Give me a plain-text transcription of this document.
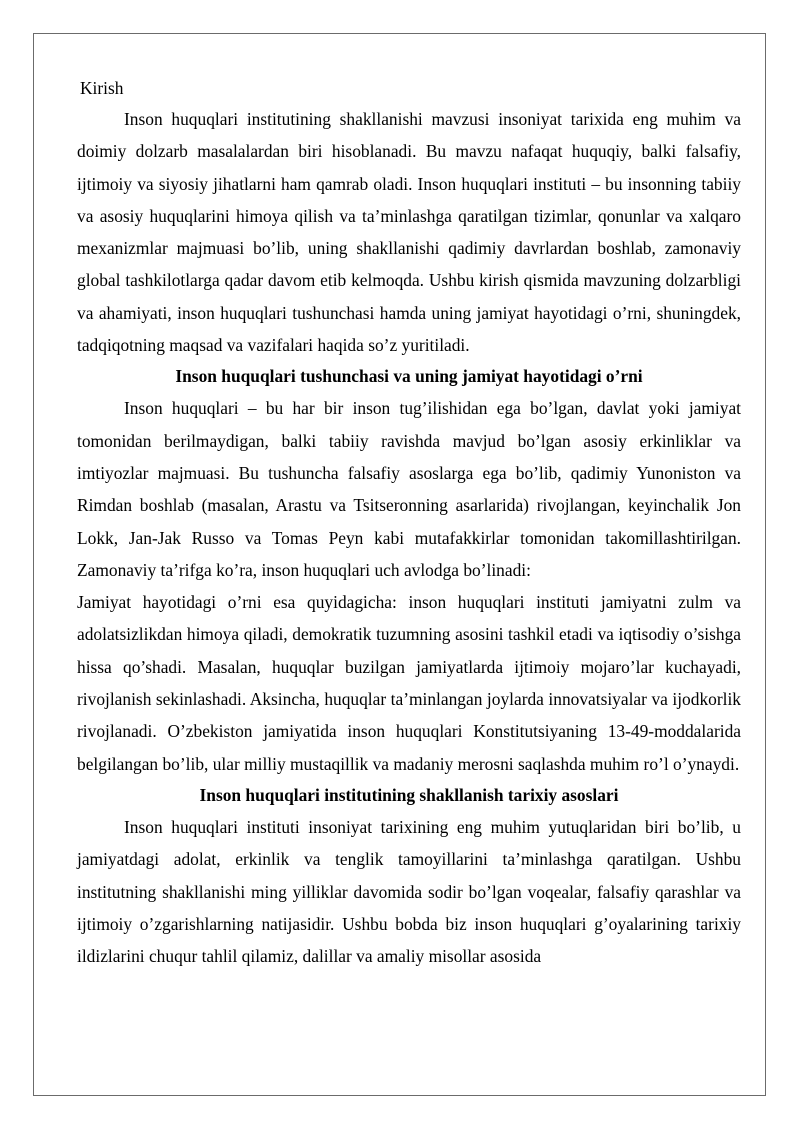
Kirish

Inson huquqlari institutining shakllanishi mavzusi insoniyat tarixida eng muhim va doimiy dolzarb masalalardan biri hisoblanadi. Bu mavzu nafaqat huquqiy, balki falsafiy, ijtimoiy va siyosiy jihatlarni ham qamrab oladi. Inson huquqlari instituti – bu insonning tabiiy va asosiy huquqlarini himoya qilish va ta’minlashga qaratilgan tizimlar, qonunlar va xalqaro mexanizmlar majmuasi bo’lib, uning shakllanishi qadimiy davrlardan boshlab, zamonaviy global tashkilotlarga qadar davom etib kelmoqda. Ushbu kirish qismida mavzuning dolzarbligi va ahamiyati, inson huquqlari tushunchasi hamda uning jamiyat hayotidagi o’rni, shuningdek, tadqiqotning maqsad va vazifalari haqida so’z yuritiladi.

Inson huquqlari tushunchasi va uning jamiyat hayotidagi o’rni

Inson huquqlari – bu har bir inson tug’ilishidan ega bo’lgan, davlat yoki jamiyat tomonidan berilmaydigan, balki tabiiy ravishda mavjud bo’lgan asosiy erkinliklar va imtiyozlar majmuasi. Bu tushuncha falsafiy asoslarga ega bo’lib, qadimiy Yunoniston va Rimdan boshlab (masalan, Arastu va Tsitseronning asarlarida) rivojlangan, keyinchalik Jon Lokk, Jan-Jak Russo va Tomas Peyn kabi mutafakkirlar tomonidan takomillashtirilgan. Zamonaviy ta’rifga ko’ra, inson huquqlari uch avlodga bo’linadi:

Jamiyat hayotidagi o’rni esa quyidagicha: inson huquqlari instituti jamiyatni zulm va adolatsizlikdan himoya qiladi, demokratik tuzumning asosini tashkil etadi va iqtisodiy o’sishga hissa qo’shadi. Masalan, huquqlar buzilgan jamiyatlarda ijtimoiy mojaro’lar kuchayadi, rivojlanish sekinlashadi. Aksincha, huquqlar ta’minlangan joylarda innovatsiyalar va ijodkorlik rivojlanadi. O’zbekiston jamiyatida inson huquqlari Konstitutsiyaning 13-49-moddalarida belgilangan bo’lib, ular milliy mustaqillik va madaniy merosni saqlashda muhim ro’l o’ynaydi.

Inson huquqlari institutining shakllanish tarixiy asoslari

Inson huquqlari instituti insoniyat tarixining eng muhim yutuqlaridan biri bo’lib, u jamiyatdagi adolat, erkinlik va tenglik tamoyillarini ta’minlashga qaratilgan. Ushbu institutning shakllanishi ming yilliklar davomida sodir bo’lgan voqealar, falsafiy qarashlar va ijtimoiy o’zgarishlarning natijasidir. Ushbu bobda biz inson huquqlari g’oyalarining tarixiy ildizlarini chuqur tahlil qilamiz, dalillar va amaliy misollar asosida
